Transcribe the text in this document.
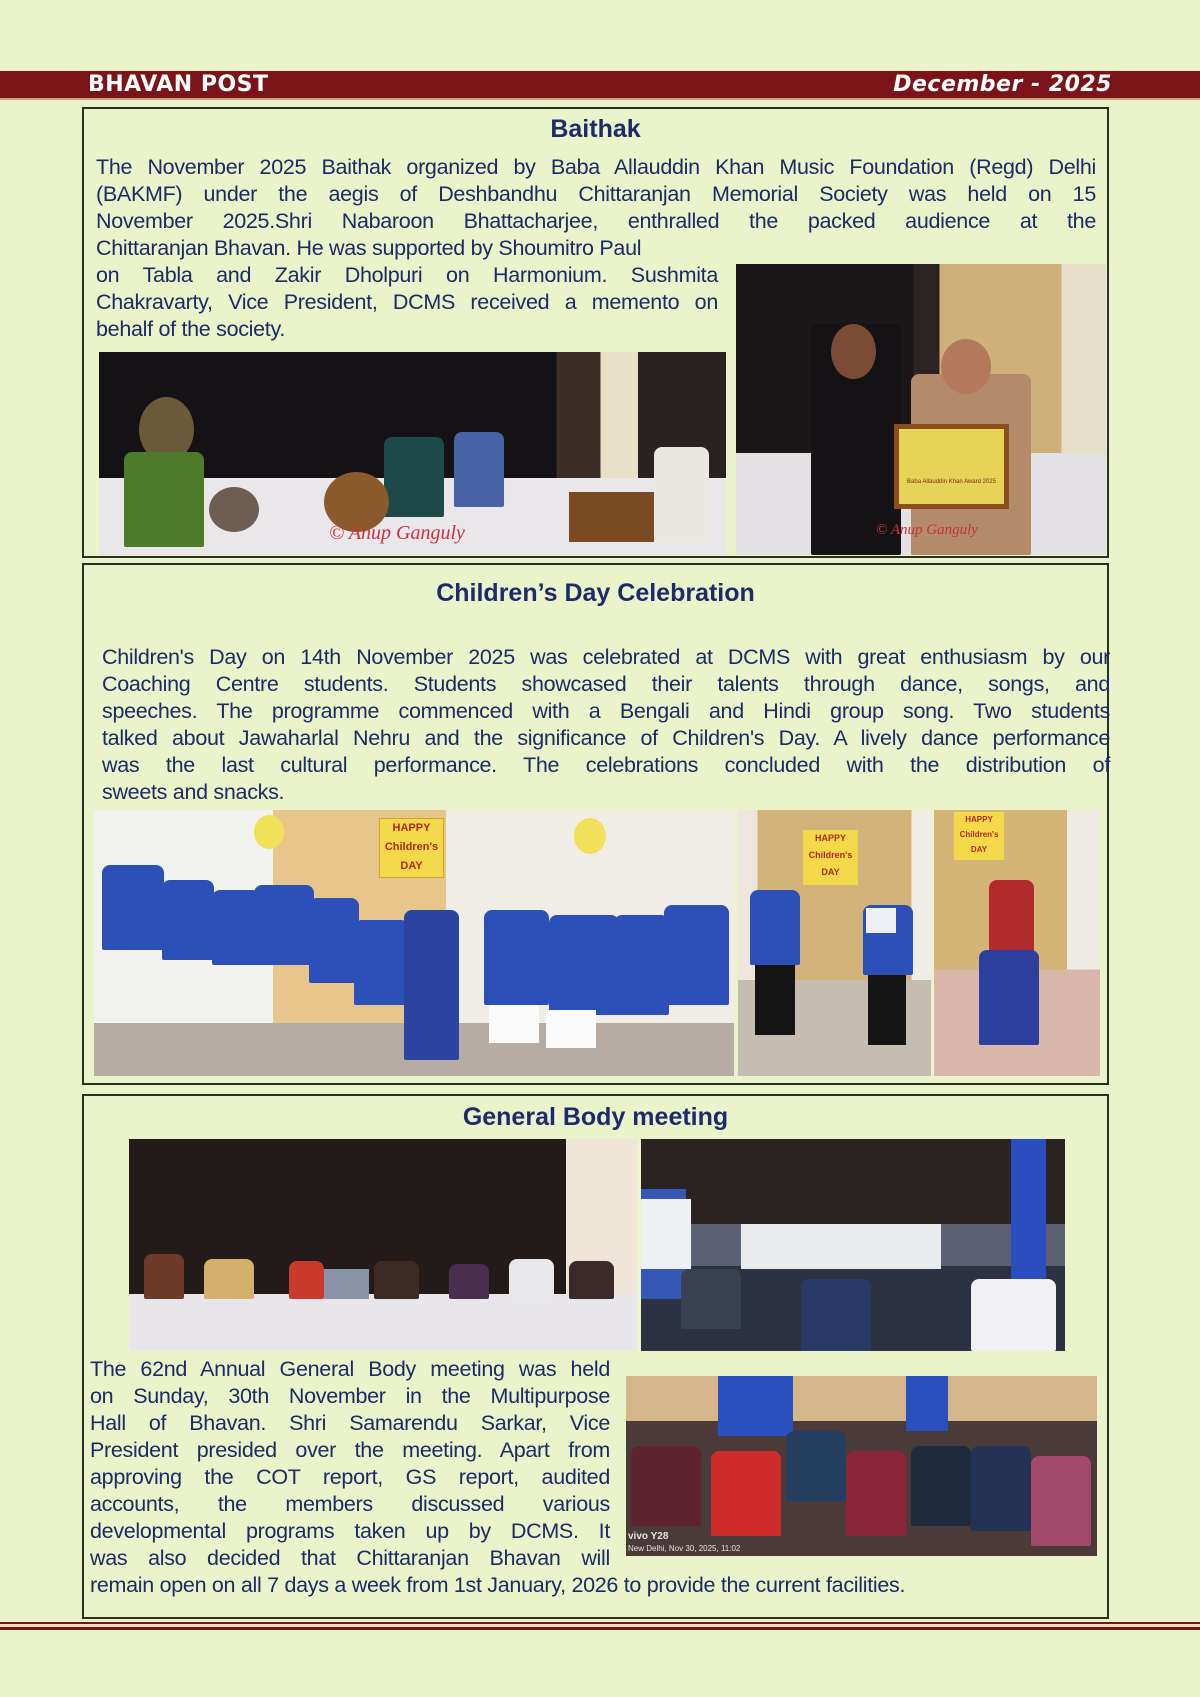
BHAVAN POST	December - 2025
Baithak
The November 2025 Baithak organized by Baba Allauddin Khan Music Foundation (Regd) Delhi
(BAKMF) under the aegis of Deshbandhu Chittaranjan Memorial Society was held on 15
November 2025.Shri Nabaroon Bhattacharjee, enthralled the packed audience at the
Chittaranjan Bhavan. He was supported by Shoumitro Paul
on Tabla and Zakir Dholpuri on Harmonium. Sushmita
Chakravarty, Vice President, DCMS received a memento on
behalf of the society.
© Anup Ganguly
Baba Allauddin Khan Award 2025
© Anup Ganguly
Children’s Day Celebration
Children's Day on 14th November 2025 was celebrated at DCMS with great enthusiasm by our
Coaching Centre students. Students showcased their talents through dance, songs, and
speeches. The programme commenced with a Bengali and Hindi group song. Two students
talked about Jawaharlal Nehru and the significance of Children's Day. A lively dance performance
was the last cultural performance. The celebrations concluded with the distribution of
sweets and snacks.
HAPPY Children's DAY
HAPPY Children's DAY
HAPPY Children's DAY
General Body meeting
The 62nd Annual General Body meeting was held
on Sunday, 30th November in the Multipurpose
Hall of Bhavan. Shri Samarendu Sarkar, Vice
President presided over the meeting. Apart from
approving the COT report, GS report, audited
accounts, the members discussed various
developmental programs taken up by DCMS. It
was also decided that Chittaranjan Bhavan will
remain open on all 7 days a week from 1st January, 2026 to provide the current facilities.
vivo Y28
New Delhi, Nov 30, 2025, 11:02
